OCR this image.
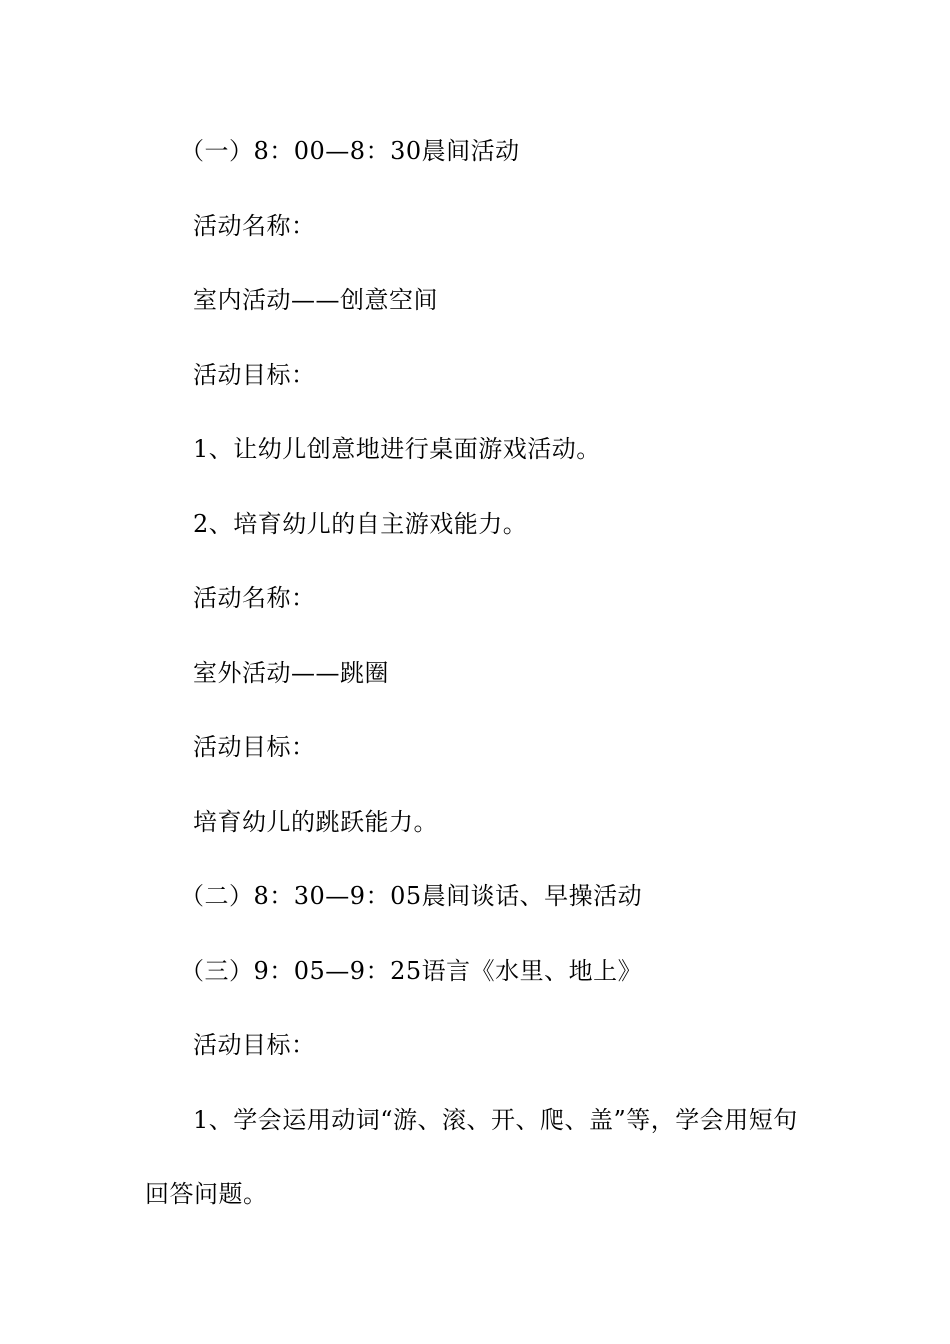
（一）8：00—8：30晨间活动
活动名称：
室内活动——创意空间
活动目标：
1、让幼儿创意地进行桌面游戏活动。
2、培育幼儿的自主游戏能力。
活动名称：
室外活动——跳圈
活动目标：
培育幼儿的跳跃能力。
（二）8：30—9：05晨间谈话、早操活动
（三）9：05—9：25语言《水里、地上》
活动目标：
1、学会运用动词“游、滚、开、爬、盖”等，学会用短句
回答问题。
